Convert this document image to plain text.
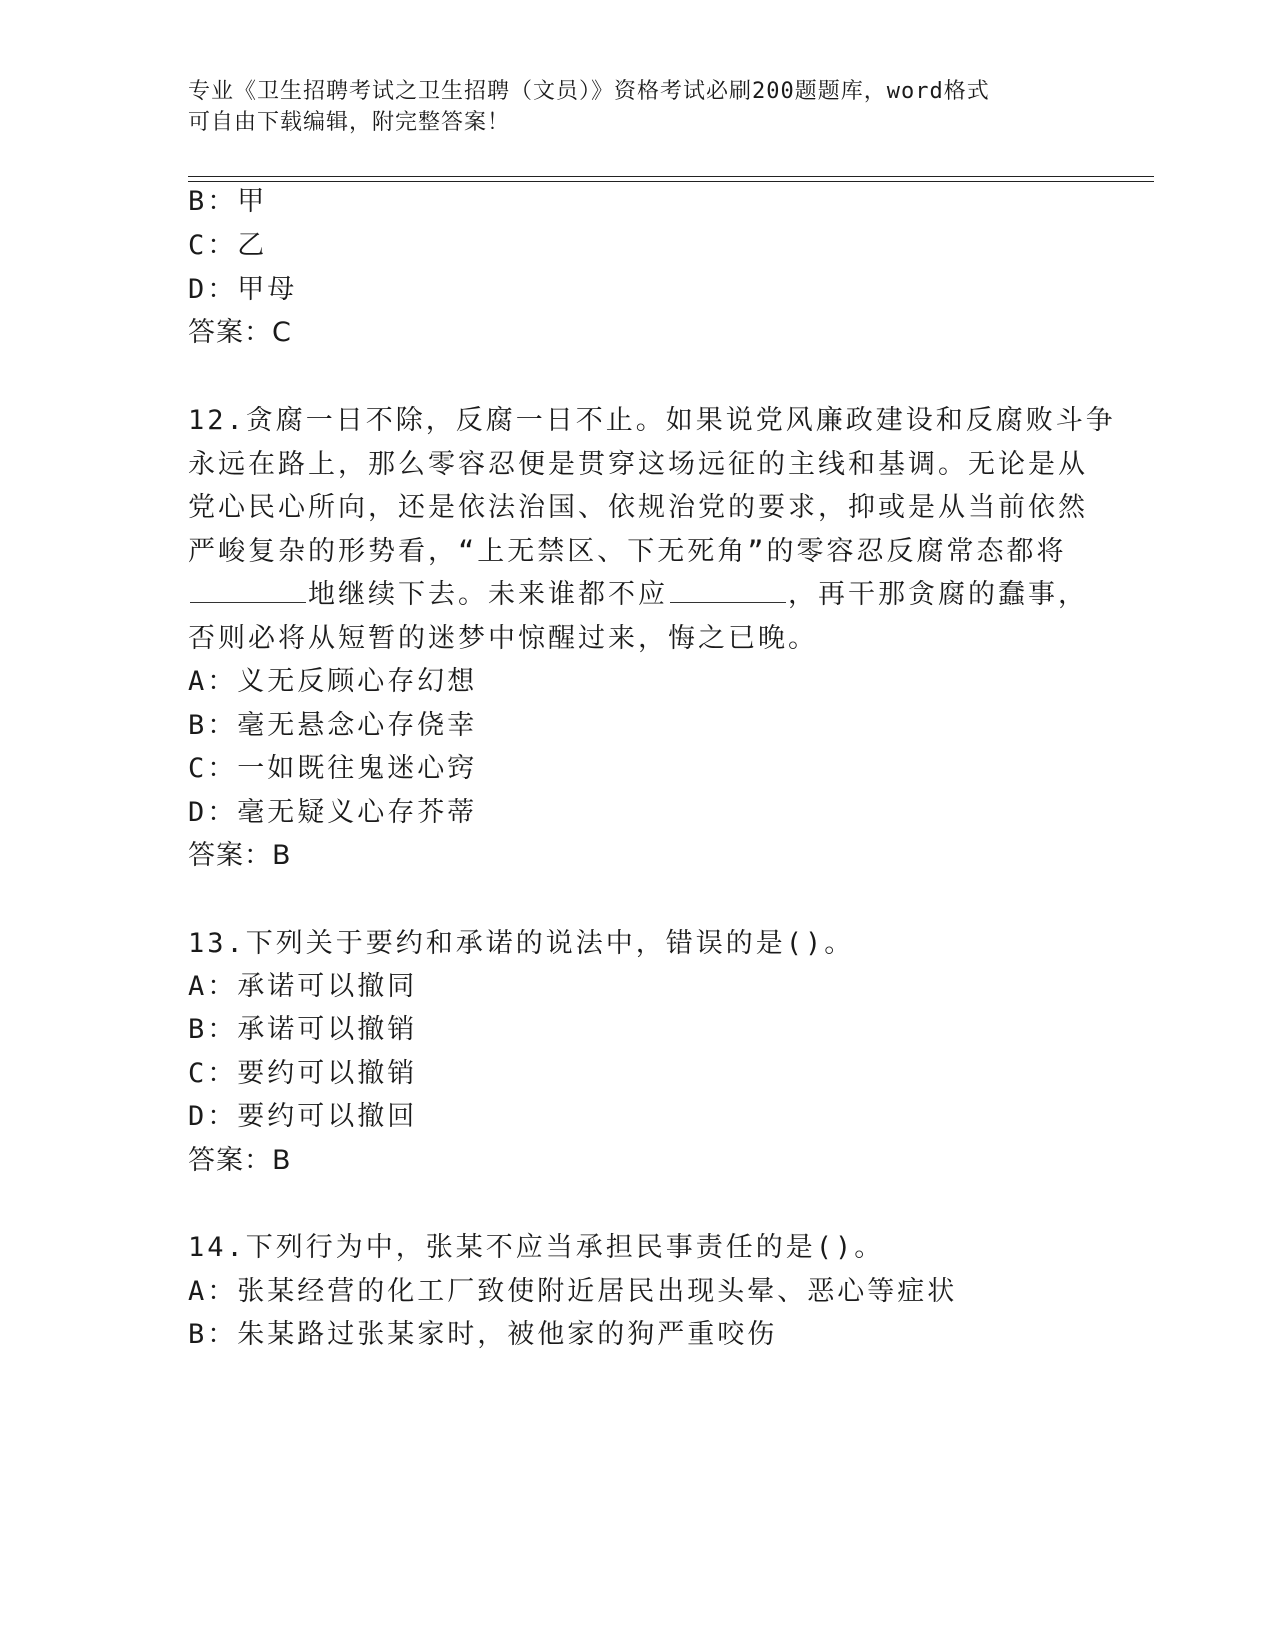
专业《卫生招聘考试之卫生招聘（文员）》资格考试必刷200题题库，word格式
可自由下载编辑，附完整答案！
B：甲
C：乙
D：甲母
答案：C
12.贪腐一日不除，反腐一日不止。如果说党风廉政建设和反腐败斗争
永远在路上，那么零容忍便是贯穿这场远征的主线和基调。无论是从
党心民心所向，还是依法治国、依规治党的要求，抑或是从当前依然
严峻复杂的形势看，“上无禁区、下无死角”的零容忍反腐常态都将
地继续下去。未来谁都不应	，再干那贪腐的蠢事，
否则必将从短暂的迷梦中惊醒过来，悔之已晚。
A：义无反顾心存幻想
B：毫无悬念心存侥幸
C：一如既往鬼迷心窍
D：毫无疑义心存芥蒂
答案：B
13.下列关于要约和承诺的说法中，错误的是()。
A：承诺可以撤同
B：承诺可以撤销
C：要约可以撤销
D：要约可以撤回
答案：B
14.下列行为中，张某不应当承担民事责任的是()。
A：张某经营的化工厂致使附近居民出现头晕、恶心等症状
B：朱某路过张某家时，被他家的狗严重咬伤
